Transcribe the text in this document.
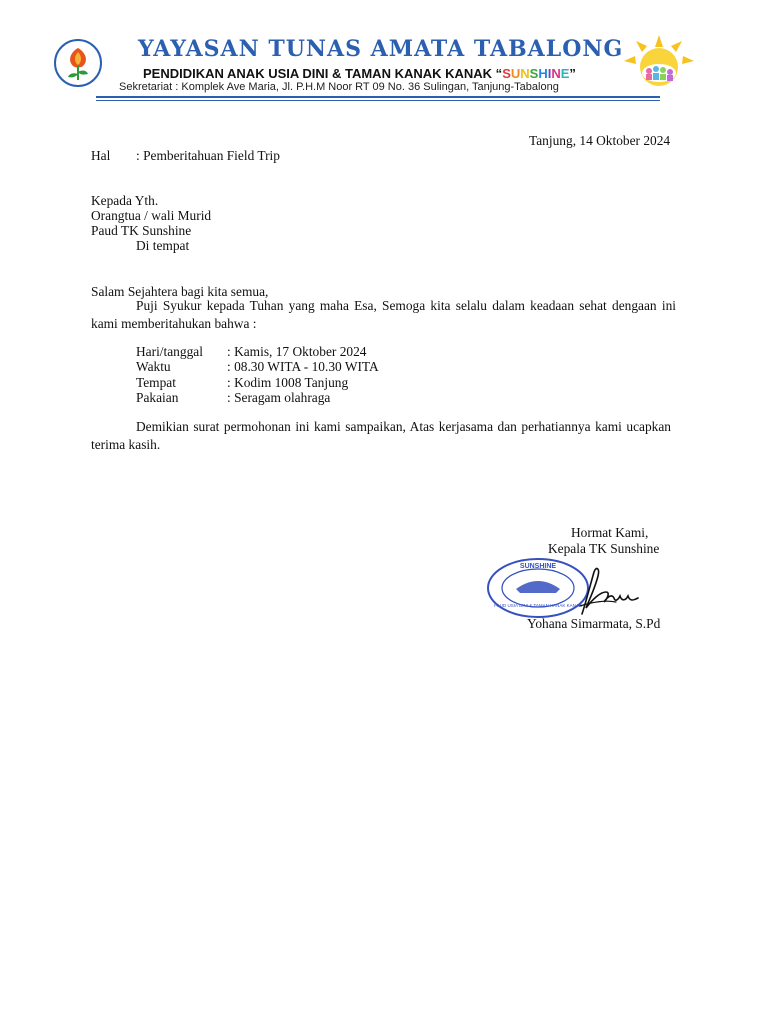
YAYASAN TUNAS AMATA TABALONG
PENDIDIKAN ANAK USIA DINI & TAMAN KANAK KANAK “SUNSHINE”
Sekretariat : Komplek Ave Maria, Jl. P.H.M Noor RT 09 No. 36 Sulingan, Tanjung-Tabalong
Tanjung, 14 Oktober 2024
Hal : Pemberitahuan Field Trip
Kepada Yth.
Orangtua / wali Murid
Paud TK Sunshine
Di tempat
Salam Sejahtera bagi kita semua,
Puji Syukur kepada Tuhan yang maha Esa, Semoga kita selalu dalam keadaan sehat dengaan ini kami memberitahukan bahwa :
Hari/tanggal : Kamis, 17 Oktober 2024
Waktu	: 08.30 WITA - 10.30 WITA
Tempat	: Kodim 1008 Tanjung
Pakaian	: Seragam olahraga
Demikian surat permohonan ini kami sampaikan, Atas kerjasama dan perhatiannya kami ucapkan terima kasih.
Hormat Kami,
Kepala TK Sunshine
SUNSHINE
PAUD USIA DINI & TAMAN KANAK KANAK
Yohana Simarmata, S.Pd
